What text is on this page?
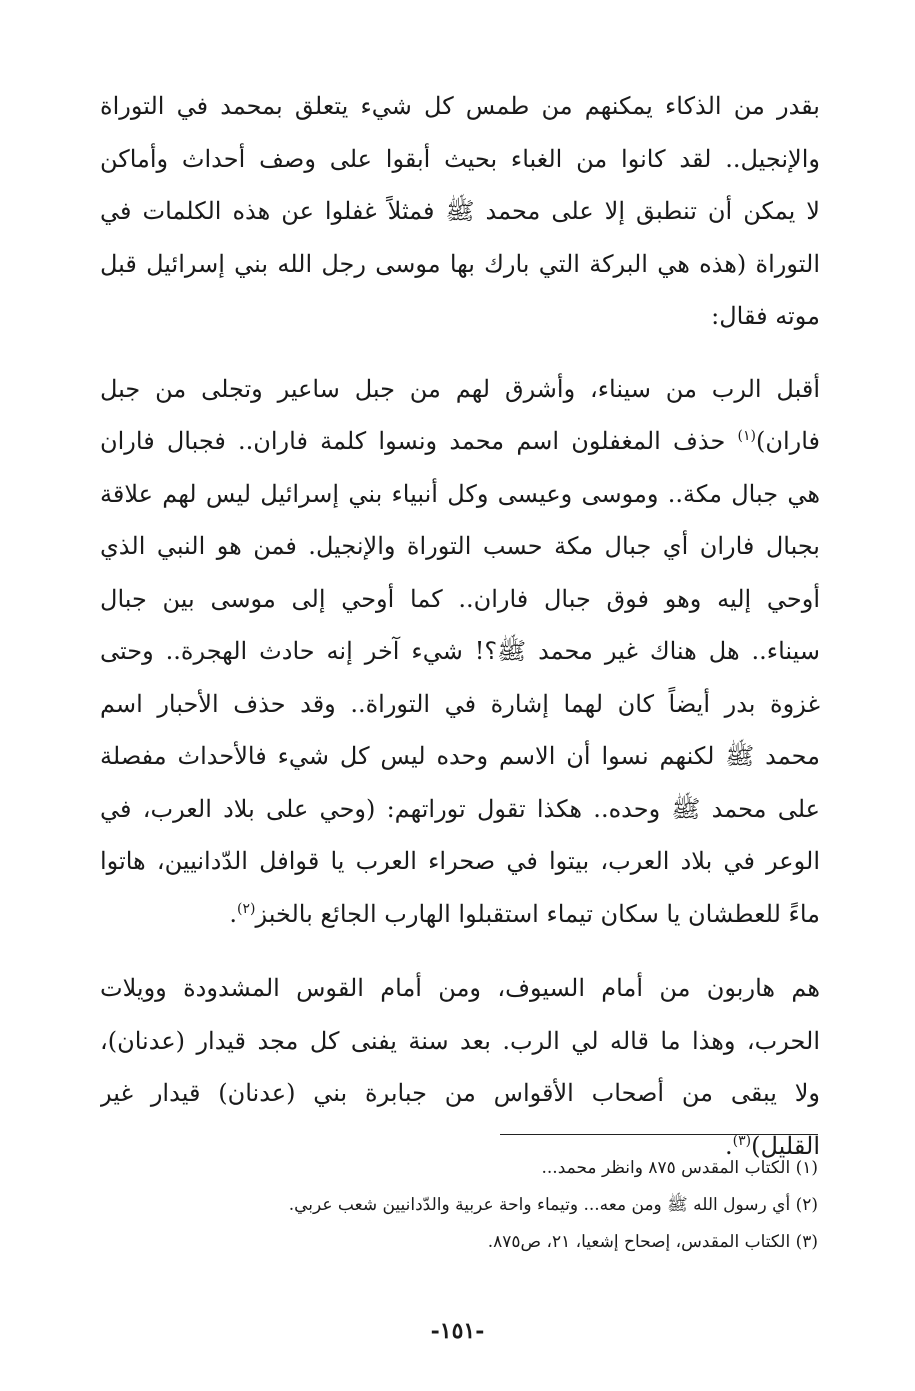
بقدر من الذكاء يمكنهم من طمس كل شيء يتعلق بمحمد في التوراة
والإنجيل.. لقد كانوا من الغباء بحيث أبقوا على وصف أحداث وأماكن
لا يمكن أن تنطبق إلا على محمد ﷺ فمثلاً غفلوا عن هذه الكلمات في
التوراة (هذه هي البركة التي بارك بها موسى رجل الله بني إسرائيل قبل
موته فقال:

أقبل الرب من سيناء، وأشرق لهم من جبل ساعير وتجلى من جبل
فاران)$^{(١)}$ حذف المغفلون اسم محمد ونسوا كلمة فاران.. فجبال فاران
هي جبال مكة.. وموسى وعيسى وكل أنبياء بني إسرائيل ليس لهم علاقة
بجبال فاران أي جبال مكة حسب التوراة والإنجيل. فمن هو النبي الذي
أوحي إليه وهو فوق جبال فاران.. كما أوحي إلى موسى بين جبال
سيناء.. هل هناك غير محمد ﷺ؟! شيء آخر إنه حادث الهجرة.. وحتى
غزوة بدر أيضاً كان لهما إشارة في التوراة.. وقد حذف الأحبار اسم
محمد ﷺ لكنهم نسوا أن الاسم وحده ليس كل شيء فالأحداث مفصلة
على محمد ﷺ وحده.. هكذا تقول توراتهم: (وحي على بلاد العرب، في
الوعر في بلاد العرب، بيتوا في صحراء العرب يا قوافل الدّدانيين، هاتوا
ماءً للعطشان يا سكان تيماء استقبلوا الهارب الجائع بالخبز$^{(٢)}$.

هم هاربون من أمام السيوف، ومن أمام القوس المشدودة وويلات
الحرب، وهذا ما قاله لي الرب. بعد سنة يفنى كل مجد قيدار (عدنان)،
ولا يبقى من أصحاب الأقواس من جبابرة بني (عدنان) قيدار غير
القليل)$^{(٣)}$.

(١) الكتاب المقدس ٨٧٥ وانظر محمد...
(٢) أي رسول الله ﷺ ومن معه... وتيماء واحة عربية والدّدانيين شعب عربي.
(٣) الكتاب المقدس، إصحاح إشعيا، ٢١، ص٨٧٥.
-١٥١-
